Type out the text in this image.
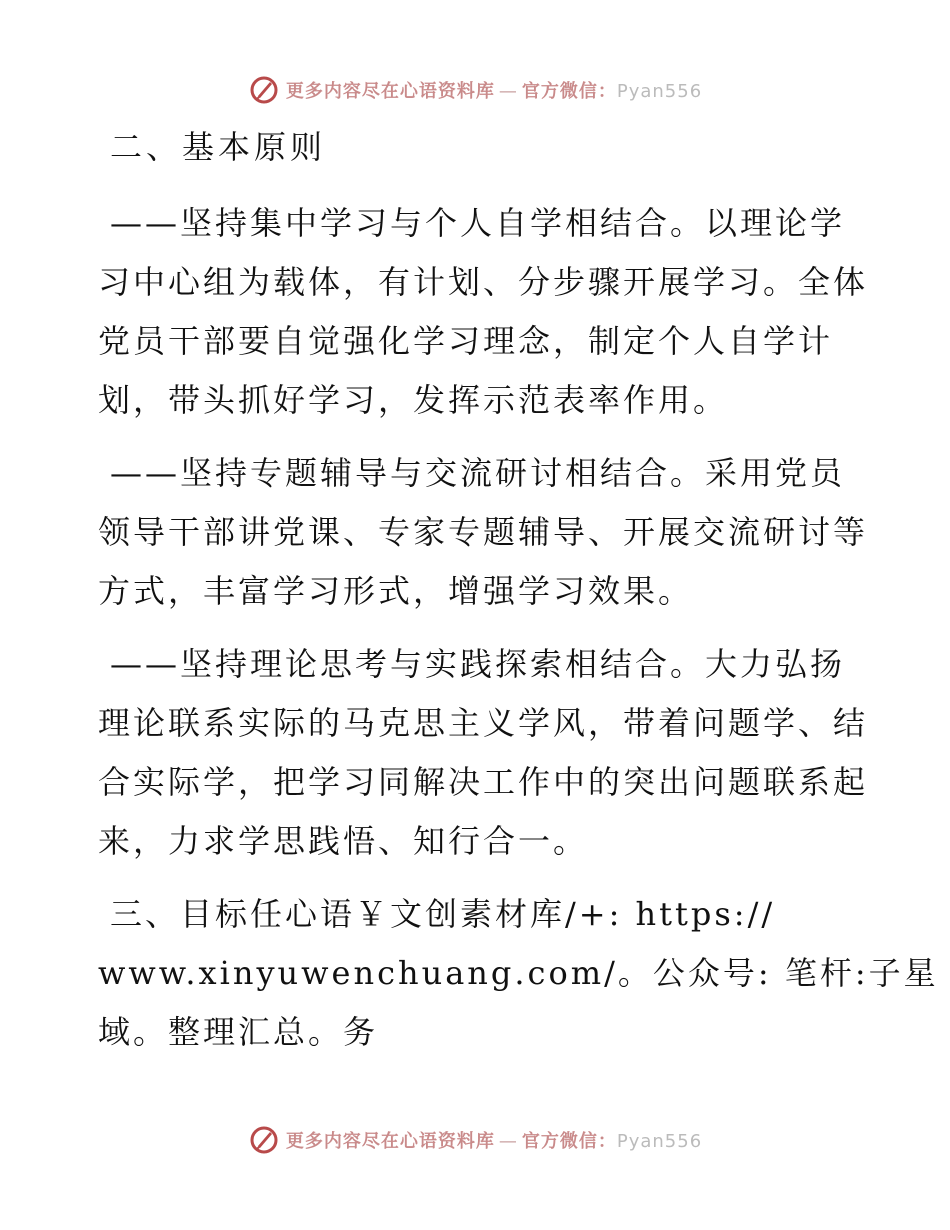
更多内容尽在心语资料库 — 官方微信：Pyan556
二、基本原则
——坚持集中学习与个人自学相结合。以理论学
习中心组为载体，有计划、分步骤开展学习。全体
党员干部要自觉强化学习理念，制定个人自学计
划，带头抓好学习，发挥示范表率作用。
——坚持专题辅导与交流研讨相结合。采用党员
领导干部讲党课、专家专题辅导、开展交流研讨等
方式，丰富学习形式，增强学习效果。
——坚持理论思考与实践探索相结合。大力弘扬
理论联系实际的马克思主义学风，带着问题学、结
合实际学，把学习同解决工作中的突出问题联系起
来，力求学思践悟、知行合一。
三、目标任心语￥文创素材库/+: https://
www.xinyuwenchuang.com/。公众号: 笔杆:子星
域。整理汇总。务
更多内容尽在心语资料库 — 官方微信：Pyan556
